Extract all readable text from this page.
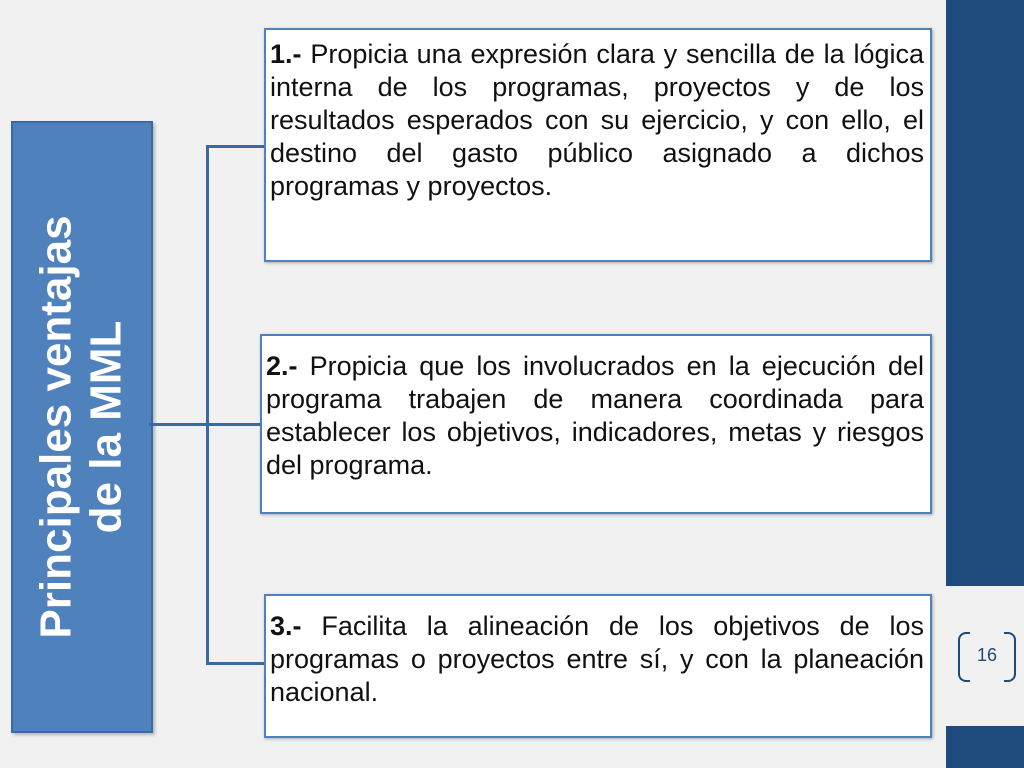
16
Principales ventajas de la MML
1.- Propicia una expresión clara y sencilla de la lógica interna de los programas, proyectos y de los resultados esperados con su ejercicio, y con ello, el destino del gasto público asignado a dichos programas y proyectos.
2.- Propicia que los involucrados en la ejecución del programa trabajen de manera coordinada para establecer los objetivos, indicadores, metas y riesgos del programa.
3.- Facilita la alineación de los objetivos de los programas o proyectos entre sí, y con la planeación nacional.
